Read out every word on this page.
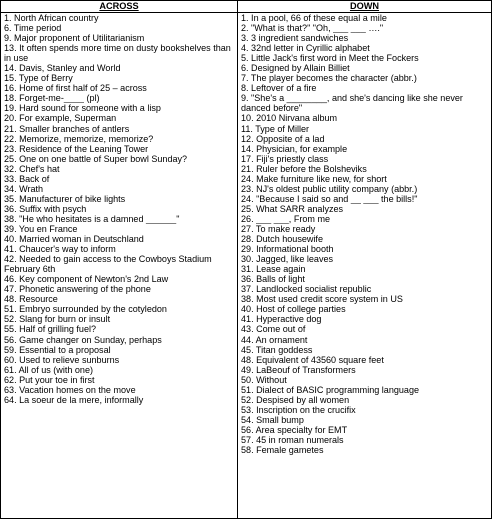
ACROSS
1. North African country
6. Time period
9. Major proponent of Utilitarianism
13. It often spends more time on dusty bookshelves than in use
14. Davis, Stanley and World
15. Type of Berry
16. Home of first half of 25 – across
18. Forget-me-____ (pl)
19. Hard sound for someone with a lisp
20. For example, Superman
21. Smaller branches of antlers
22. Memorize, memorize, memorize?
23. Residence of the Leaning Tower
25. One on one battle of Super bowl Sunday?
32. Chef's hat
33. Back of
34. Wrath
35. Manufacturer of bike lights
36. Suffix with psych
38. "He who hesitates is a damned ______"
39. You en France
40. Married woman in Deutschland
41. Chaucer's way to inform
42. Needed to gain access to the Cowboys Stadium February 6th
46. Key component of Newton's 2nd Law
47. Phonetic answering of the phone
48. Resource
51. Embryo surrounded by the cotyledon
52. Slang for burn or insult
55. Half of grilling fuel?
56. Game changer on Sunday, perhaps
59. Essential to a proposal
60. Used to relieve sunburns
61. All of us (with one)
62. Put your toe in first
63. Vacation homes on the move
64. La soeur de la mere, informally
DOWN
1. In a pool, 66 of these equal a mile
2. "What is that?" "Oh, ___ ___ …."
3. 3 ingredient sandwiches
4. 32nd letter in Cyrillic alphabet
5. Little Jack's first word in Meet the Fockers
6. Designed by Allain Billiet
7. The player becomes the character (abbr.)
8. Leftover of a fire
9. "She's a ________, and she's dancing like she never danced before"
10. 2010 Nirvana album
11. Type of Miller
12. Opposite of a lad
14. Physician, for example
17. Fiji's priestly class
21. Ruler before the Bolsheviks
24. Make furniture like new, for short
23. NJ's oldest public utility company (abbr.)
24. "Because I said so and __ ___ the bills!"
25. What SARR analyzes
26. ___ ___, From me
27. To make ready
28. Dutch housewife
29. Informational booth
30. Jagged, like leaves
31. Lease again
36. Balls of light
37. Landlocked socialist republic
38. Most used credit score system in US
40. Host of college parties
41. Hyperactive dog
43. Come out of
44. An ornament
45. Titan goddess
48. Equivalent of 43560 square feet
49. LaBeouf of Transformers
50. Without
51. Dialect of BASIC programming language
52. Despised by all women
53. Inscription on the crucifix
54. Small bump
56. Area specialty for EMT
57. 45 in roman numerals
58. Female gametes
